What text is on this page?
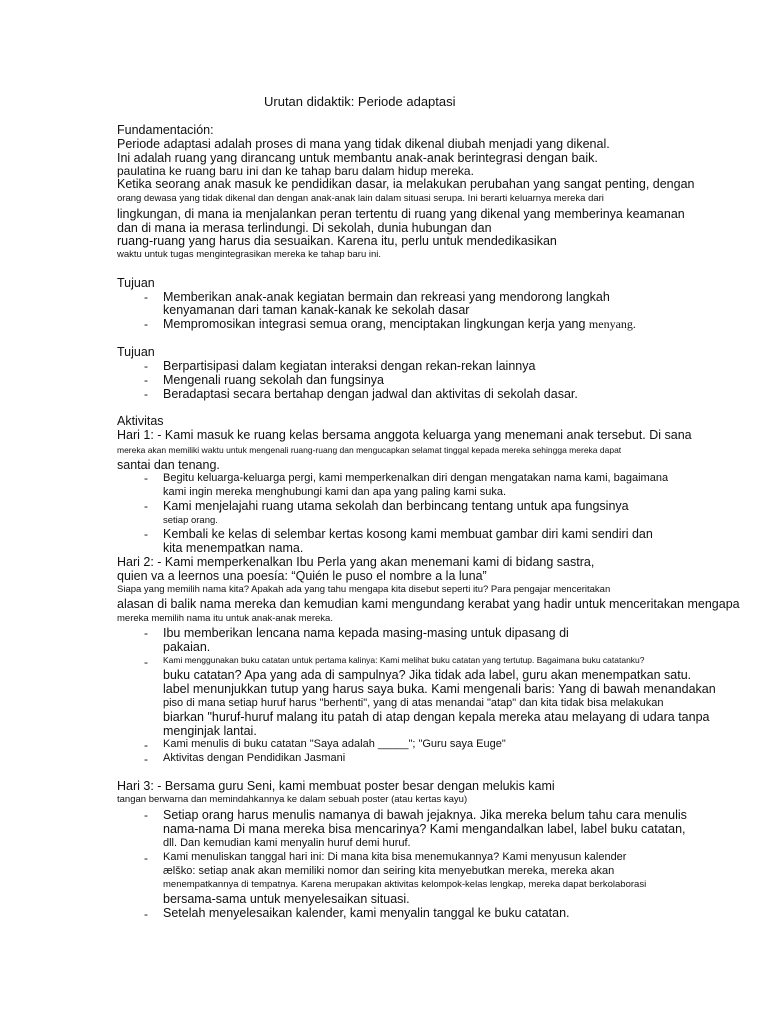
Urutan didaktik: Periode adaptasi
Fundamentación:
Periode adaptasi adalah proses di mana yang tidak dikenal diubah menjadi yang dikenal.
Ini adalah ruang yang dirancang untuk membantu anak-anak berintegrasi dengan baik.
paulatina ke ruang baru ini dan ke tahap baru dalam hidup mereka.
Ketika seorang anak masuk ke pendidikan dasar, ia melakukan perubahan yang sangat penting, dengan
orang dewasa yang tidak dikenal dan dengan anak-anak lain dalam situasi serupa. Ini berarti keluarnya mereka dari
lingkungan, di mana ia menjalankan peran tertentu di ruang yang dikenal yang memberinya keamanan
dan di mana ia merasa terlindungi. Di sekolah, dunia hubungan dan
ruang-ruang yang harus dia sesuaikan. Karena itu, perlu untuk mendedikasikan
waktu untuk tugas mengintegrasikan mereka ke tahap baru ini.
Tujuan
- Memberikan anak-anak kegiatan bermain dan rekreasi yang mendorong langkah
kenyamanan dari taman kanak-kanak ke sekolah dasar
- Mempromosikan integrasi semua orang, menciptakan lingkungan kerja yang menyang.
Tujuan
- Berpartisipasi dalam kegiatan interaksi dengan rekan-rekan lainnya
- Mengenali ruang sekolah dan fungsinya
- Beradaptasi secara bertahap dengan jadwal dan aktivitas di sekolah dasar.
Aktivitas
Hari 1: - Kami masuk ke ruang kelas bersama anggota keluarga yang menemani anak tersebut. Di sana
mereka akan memiliki waktu untuk mengenali ruang-ruang dan mengucapkan selamat tinggal kepada mereka sehingga mereka dapat
santai dan tenang.
- Begitu keluarga-keluarga pergi, kami memperkenalkan diri dengan mengatakan nama kami, bagaimana
kami ingin mereka menghubungi kami dan apa yang paling kami suka.
- Kami menjelajahi ruang utama sekolah dan berbincang tentang untuk apa fungsinya
setiap orang.
- Kembali ke kelas di selembar kertas kosong kami membuat gambar diri kami sendiri dan
kita menempatkan nama.
Hari 2: - Kami memperkenalkan Ibu Perla yang akan menemani kami di bidang sastra,
quien va a leernos una poesía: “Quién le puso el nombre a la luna”
Siapa yang memilih nama kita? Apakah ada yang tahu mengapa kita disebut seperti itu? Para pengajar menceritakan
alasan di balik nama mereka dan kemudian kami mengundang kerabat yang hadir untuk menceritakan mengapa
mereka memilih nama itu untuk anak-anak mereka.
- Ibu memberikan lencana nama kepada masing-masing untuk dipasang di
pakaian.
- Kami menggunakan buku catatan untuk pertama kalinya: Kami melihat buku catatan yang tertutup. Bagaimana buku catatanku?
buku catatan? Apa yang ada di sampulnya? Jika tidak ada label, guru akan menempatkan satu.
label menunjukkan tutup yang harus saya buka. Kami mengenali baris: Yang di bawah menandakan
piso di mana setiap huruf harus "berhenti", yang di atas menandai "atap" dan kita tidak bisa melakukan
biarkan "huruf-huruf malang itu patah di atap dengan kepala mereka atau melayang di udara tanpa
menginjak lantai.
- Kami menulis di buku catatan "Saya adalah _____"; "Guru saya Euge"
- Aktivitas dengan Pendidikan Jasmani
Hari 3: - Bersama guru Seni, kami membuat poster besar dengan melukis kami
tangan berwarna dan memindahkannya ke dalam sebuah poster (atau kertas kayu)
- Setiap orang harus menulis namanya di bawah jejaknya. Jika mereka belum tahu cara menulis
nama-nama Di mana mereka bisa mencarinya? Kami mengandalkan label, label buku catatan,
dll. Dan kemudian kami menyalin huruf demi huruf.
- Kami menuliskan tanggal hari ini: Di mana kita bisa menemukannya? Kami menyusun kalender
ælško: setiap anak akan memiliki nomor dan seiring kita menyebutkan mereka, mereka akan
menempatkannya di tempatnya. Karena merupakan aktivitas kelompok-kelas lengkap, mereka dapat berkolaborasi
bersama-sama untuk menyelesaikan situasi.
- Setelah menyelesaikan kalender, kami menyalin tanggal ke buku catatan.
